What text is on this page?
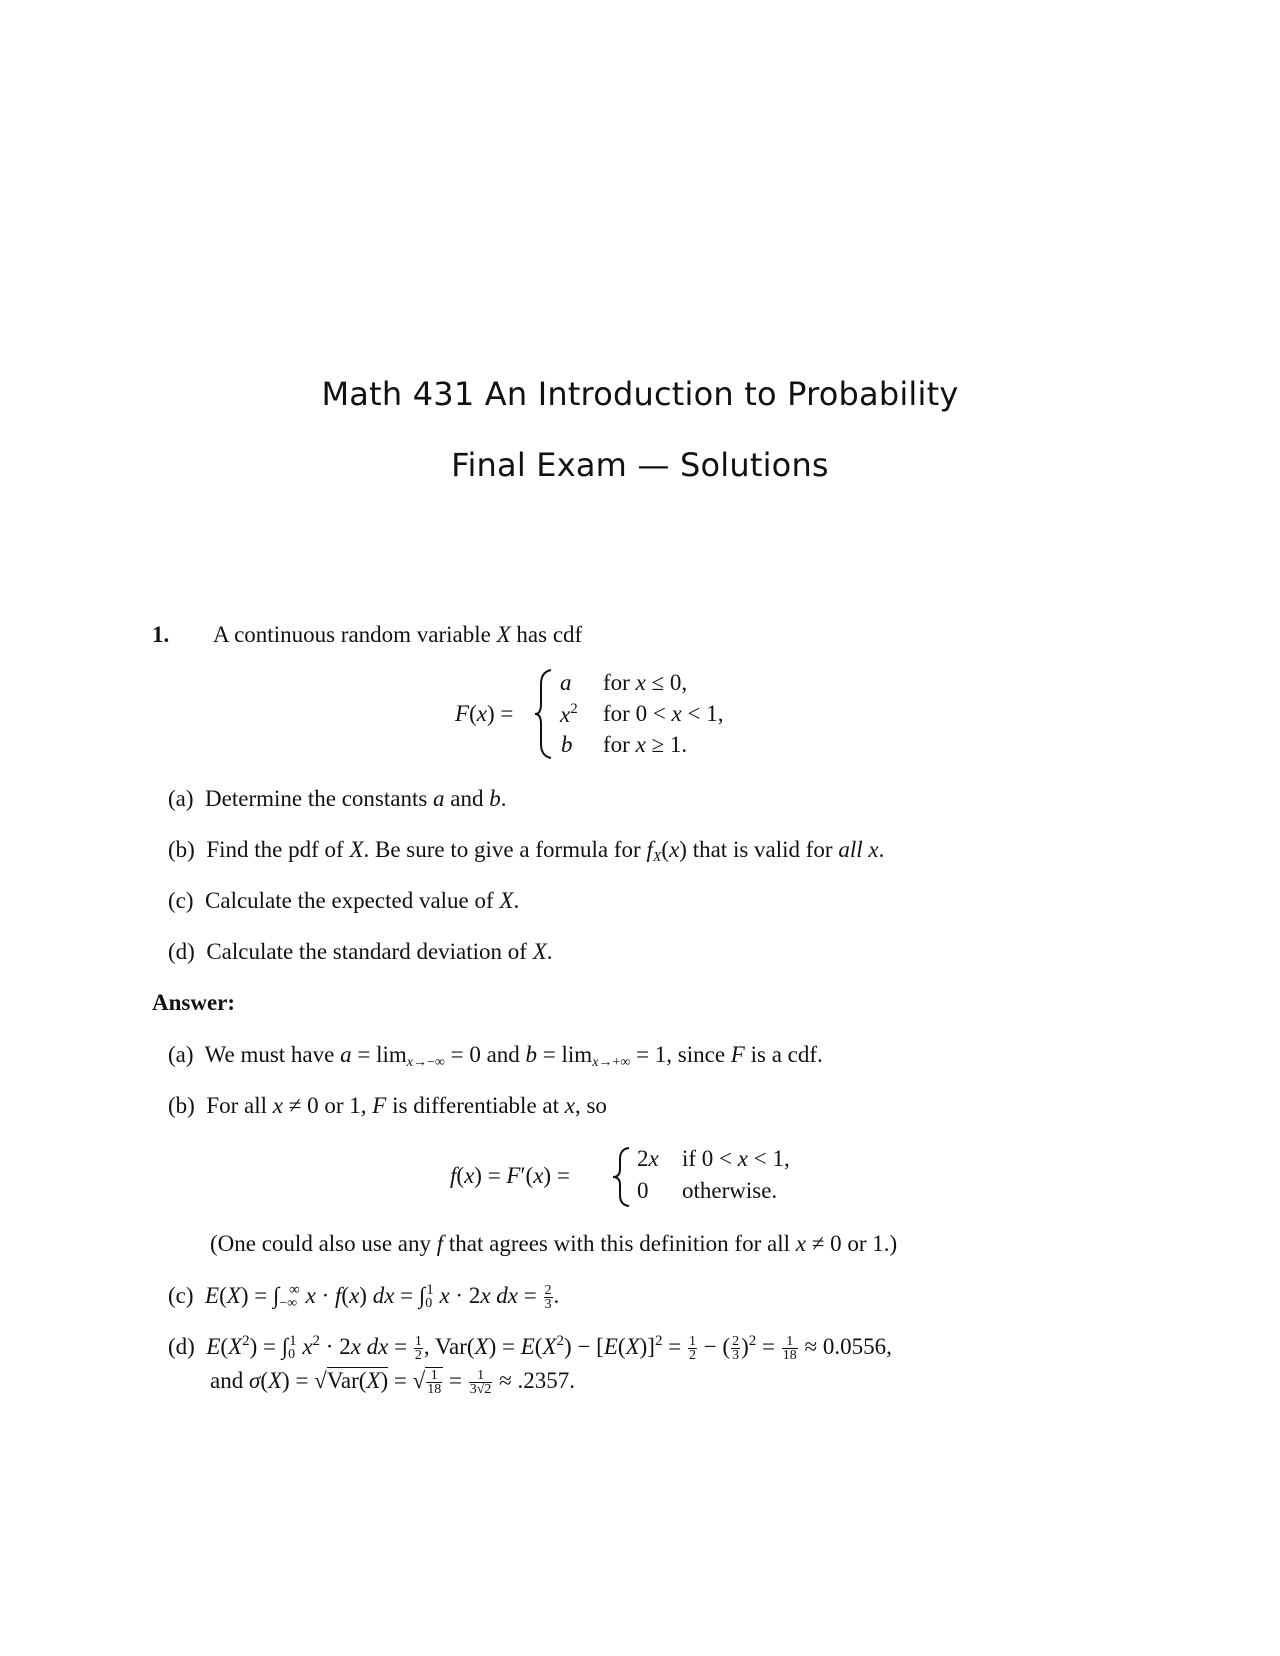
Math 431 An Introduction to Probability
Final Exam — Solutions
1. A continuous random variable X has cdf
F(x) =
a for x ≤ 0,
$x^2$ for 0 < x < 1,
b for x ≥ 1.
(a)  Determine the constants a and b.
(b)  Find the pdf of X. Be sure to give a formula for $f_X(x)$ that is valid for all x.
(c)  Calculate the expected value of X.
(d)  Calculate the standard deviation of X.
Answer:
(a)  We must have $a = \lim_{x\to-\infty} = 0$ and $b = \lim_{x\to+\infty} = 1$, since F is a cdf.
(b)  For all x ≠ 0 or 1, F is differentiable at x, so
f(x) = F′(x) =
2x if 0 < x < 1,
0 otherwise.
(One could also use any f that agrees with this definition for all x ≠ 0 or 1.)
(c) $E(X) = \int_{-\infty}^\infty$ x · f(x) dx = $\int_0^1$ x · 2x dx = $\frac{2}{3}$ .
(d) $E(X^2) = \int_0^1$ $x^2 \cdot 2x$ dx = $\frac{1}{2}$ , $Var(X) = E(X^2) - [E(X)]^2 = \frac{1}{2}$ − ( $\frac{2}{3} )^2 = \frac{1}{18} \approx 0.0556$,
and σ(X) = √Var(X) = √ $\frac{1}{18} = \frac{1}{3√2} \approx .2357$.
